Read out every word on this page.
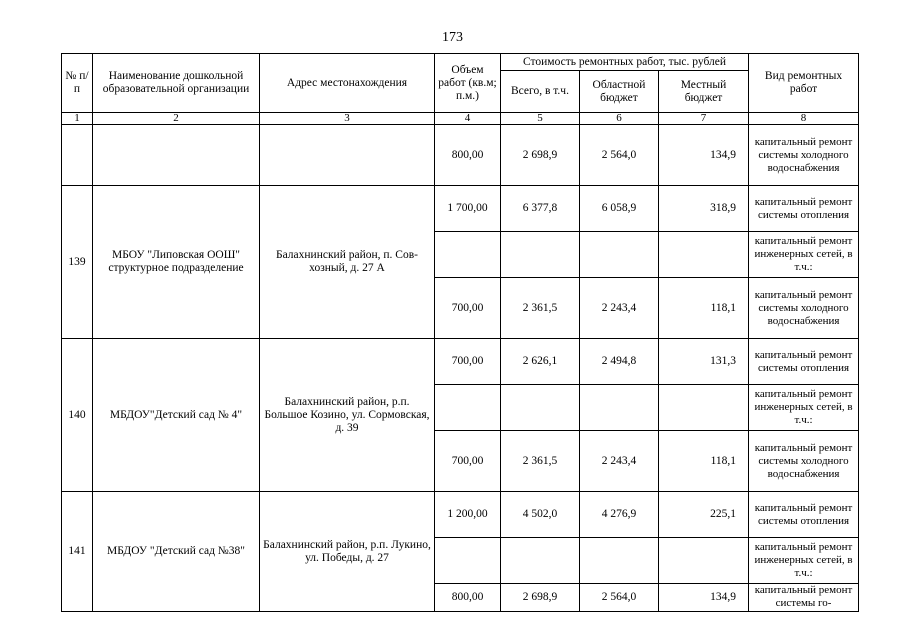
173
№ п/п	Наименование дошкольной образовательной организации	Адрес местонахождения	Объем работ (кв.м; п.м.)	Стоимость ремонтных работ, тыс. рублей			Вид ремонтных работ
				Всего, в т.ч.	Областной бюджет	Местный бюджет	
1	2	3	4	5	6	7	8
			800,00	2 698,9	2 564,0	134,9	капитальный ремонт системы холодного водоснабжения
139	МБОУ "Липовская ООШ" структурное подразделение	Балахнинский район, п. Совхозный, д. 27 А	1 700,00	6 377,8	6 058,9	318,9	капитальный ремонт системы отопления
							капитальный ремонт инженерных сетей, в т.ч.:
			700,00	2 361,5	2 243,4	118,1	капитальный ремонт системы холодного водоснабжения
140	МБДОУ"Детский сад № 4"	Балахнинский район, р.п. Большое Козино, ул. Сормовская, д. 39	700,00	2 626,1	2 494,8	131,3	капитальный ремонт системы отопления
							капитальный ремонт инженерных сетей, в т.ч.:
			700,00	2 361,5	2 243,4	118,1	капитальный ремонт системы холодного водоснабжения
141	МБДОУ "Детский сад №38"	Балахнинский район, р.п. Лукино, ул. Победы, д. 27	1 200,00	4 502,0	4 276,9	225,1	капитальный ремонт системы отопления
							капитальный ремонт инженерных сетей, в т.ч.:
			800,00	2 698,9	2 564,0	134,9	капитальный ремонт системы го-
